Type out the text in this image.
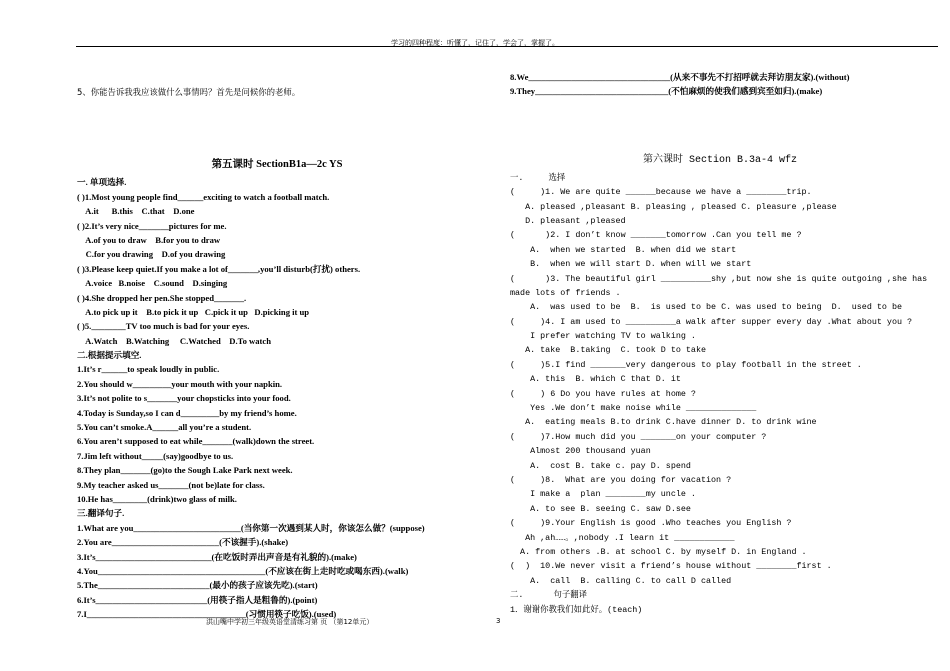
学习的四种程度：听懂了，记住了，学会了，掌握了。
5、你能告诉我我应该做什么事情吗？首先是问候你的老师。
第五课时 SectionB1a—2c YS
一. 单项选择.
( )1.Most young people find______exciting to watch a football match.
A.it      B.this    C.that    D.one
( )2.It’s very nice_______pictures for me.
A.of you to draw    B.for you to draw
C.for you drawing    D.of you drawing
( )3.Please keep quiet.If you make a lot of_______,you’ll disturb(打扰) others.
A.voice   B.noise    C.sound    D.singing
( )4.She dropped her pen.She stopped_______.
A.to pick up it    B.to pick it up   C.pick it up   D.picking it up
( )5.________TV too much is bad for your eyes.
A.Watch    B.Watching     C.Watched    D.To watch
二.根据提示填空.
1.It’s r______to speak loudly in public.
2.You should w_________your mouth with your napkin.
3.It’s not polite to s_______your chopsticks into your food.
4.Today is Sunday,so I can d_________by my friend’s home.
5.You can’t smoke.A______all you’re a student.
6.You aren’t supposed to eat while_______(walk)down the street.
7.Jim left without_____(say)goodbye to us.
8.They plan_______(go)to the Sough Lake Park next week.
9.My teacher asked us_______(not be)late for class.
10.He has________(drink)two glass of milk.
三.翻译句子.
1.What are you_________________________(当你第一次遇到某人时，你该怎么做？(suppose)
2.You are_________________________(不该握手).(shake)
3.It’s___________________________(在吃饭时弄出声音是有礼貌的).(make)
4.You_______________________________________(不应该在街上走时吃或喝东西).(walk)
5.The__________________________(最小的孩子应该先吃).(start)
6.It’s__________________________(用筷子指人是粗鲁的).(point)
7.I_____________________________________(习惯用筷子吃饭).(used)
8.We_________________________________(从来不事先不打招呼就去拜访朋友家).(without)
9.They_______________________________(不怕麻烦的使我们感到宾至如归).(make)
第六课时 Section B.3a-4 wfz
一.     选择
(     )1. We are quite ______because we have a ________trip.
A. pleased ,pleasant B. pleasing , pleased C. pleasure ,please
D. pleasant ,pleased
(      )2. I don’t know _______tomorrow .Can you tell me ?
A.  when we started  B. when did we start
B.  when we will start D. when will we start
(      )3. The beautiful girl __________shy ,but now she is quite outgoing ,she has
made lots of friends .
A.  was used to be  B.  is used to be C. was used to being  D.  used to be
(     )4. I am used to __________a walk after supper every day .What about you ?
I prefer watching TV to walking .
A. take  B.taking  C. took D to take
(     )5.I find _______very dangerous to play football in the street .
A. this  B. which C that D. it
(     ) 6 Do you have rules at home ?
Yes .We don’t make noise while ______________
A.  eating meals B.to drink C.have dinner D. to drink wine
(     )7.How much did you _______on your computer ?
Almost 200 thousand yuan
A.  cost B. take c. pay D. spend
(     )8.  What are you doing for vacation ?
I make a  plan ________my uncle .
A. to see B. seeing C. saw D.see
(     )9.Your English is good .Who teaches you English ?
Ah ,ah……。,nobody .I learn it ____________
A. from others .B. at school C. by myself D. in England .
(  )  10.We never visit a friend’s house without ________first .
A.  call  B. calling C. to call D called
二.      句子翻译
1．谢谢你教我们如此好。(teach)
洪山嘴中学初三年级英语堂清练习第 页 （第12单元）	3
